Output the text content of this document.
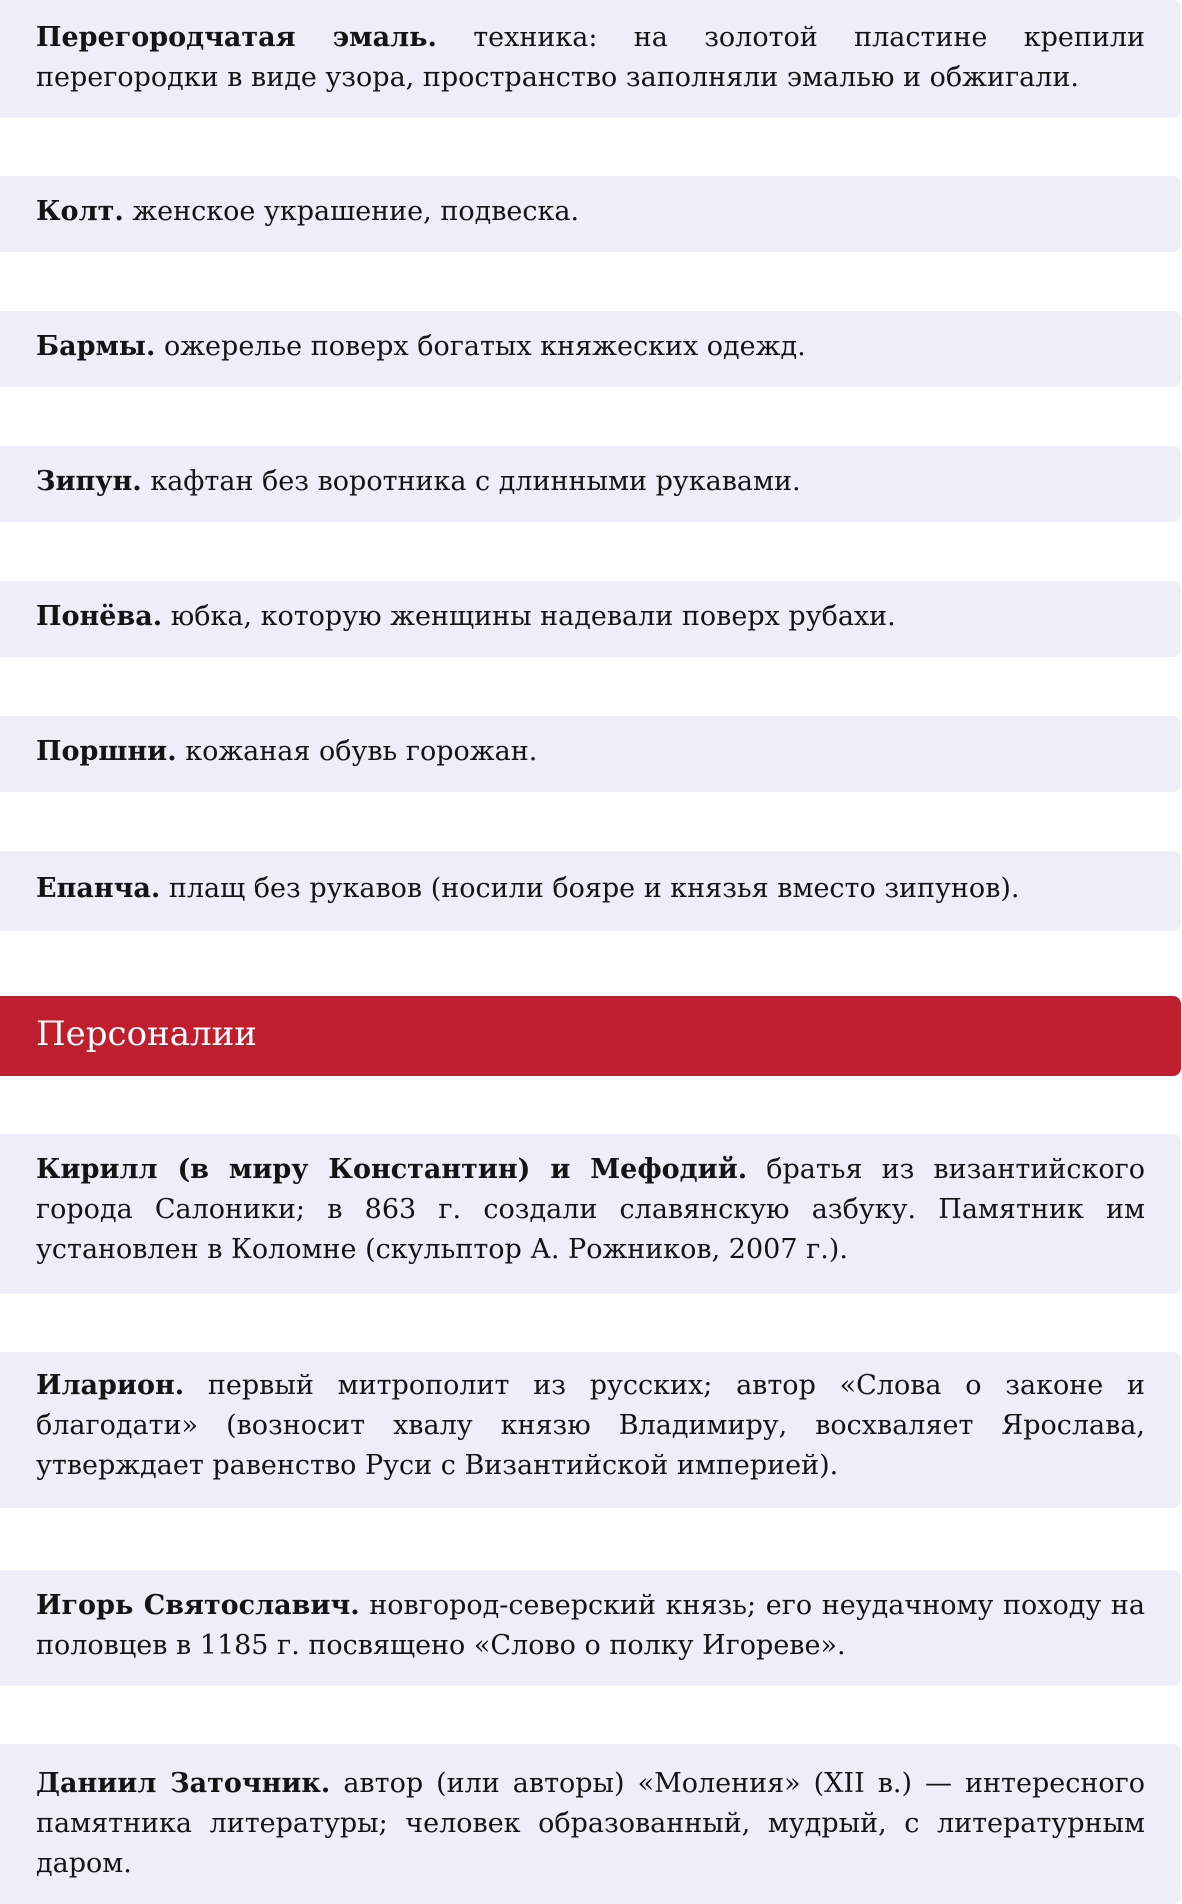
Перегородчатая эмаль. техника: на золотой пластине крепили перегородки в виде узора, пространство заполняли эмалью и обжигали.

Колт. женское украшение, подвеска.

Бармы. ожерелье поверх богатых княжеских одежд.

Зипун. кафтан без воротника с длинными рукавами.

Понёва. юбка, которую женщины надевали поверх рубахи.

Поршни. кожаная обувь горожан.

Епанча. плащ без рукавов (носили бояре и князья вместо зипунов).

Персоналии

Кирилл (в миру Константин) и Мефодий. братья из византийского города Салоники; в 863 г. создали славянскую азбуку. Памятник им установлен в Коломне (скульптор А. Рожников, 2007 г.).

Иларион. первый митрополит из русских; автор «Слова о законе и благодати» (возносит хвалу князю Владимиру, восхваляет Ярослава, утверждает равенство Руси с Византийской империей).

Игорь Святославич. новгород-северский князь; его неудачному походу на половцев в 1185 г. посвящено «Слово о полку Игореве».

Даниил Заточник. автор (или авторы) «Моления» (XII в.) — интересного памятника литературы; человек образованный, мудрый, с литературным даром.
